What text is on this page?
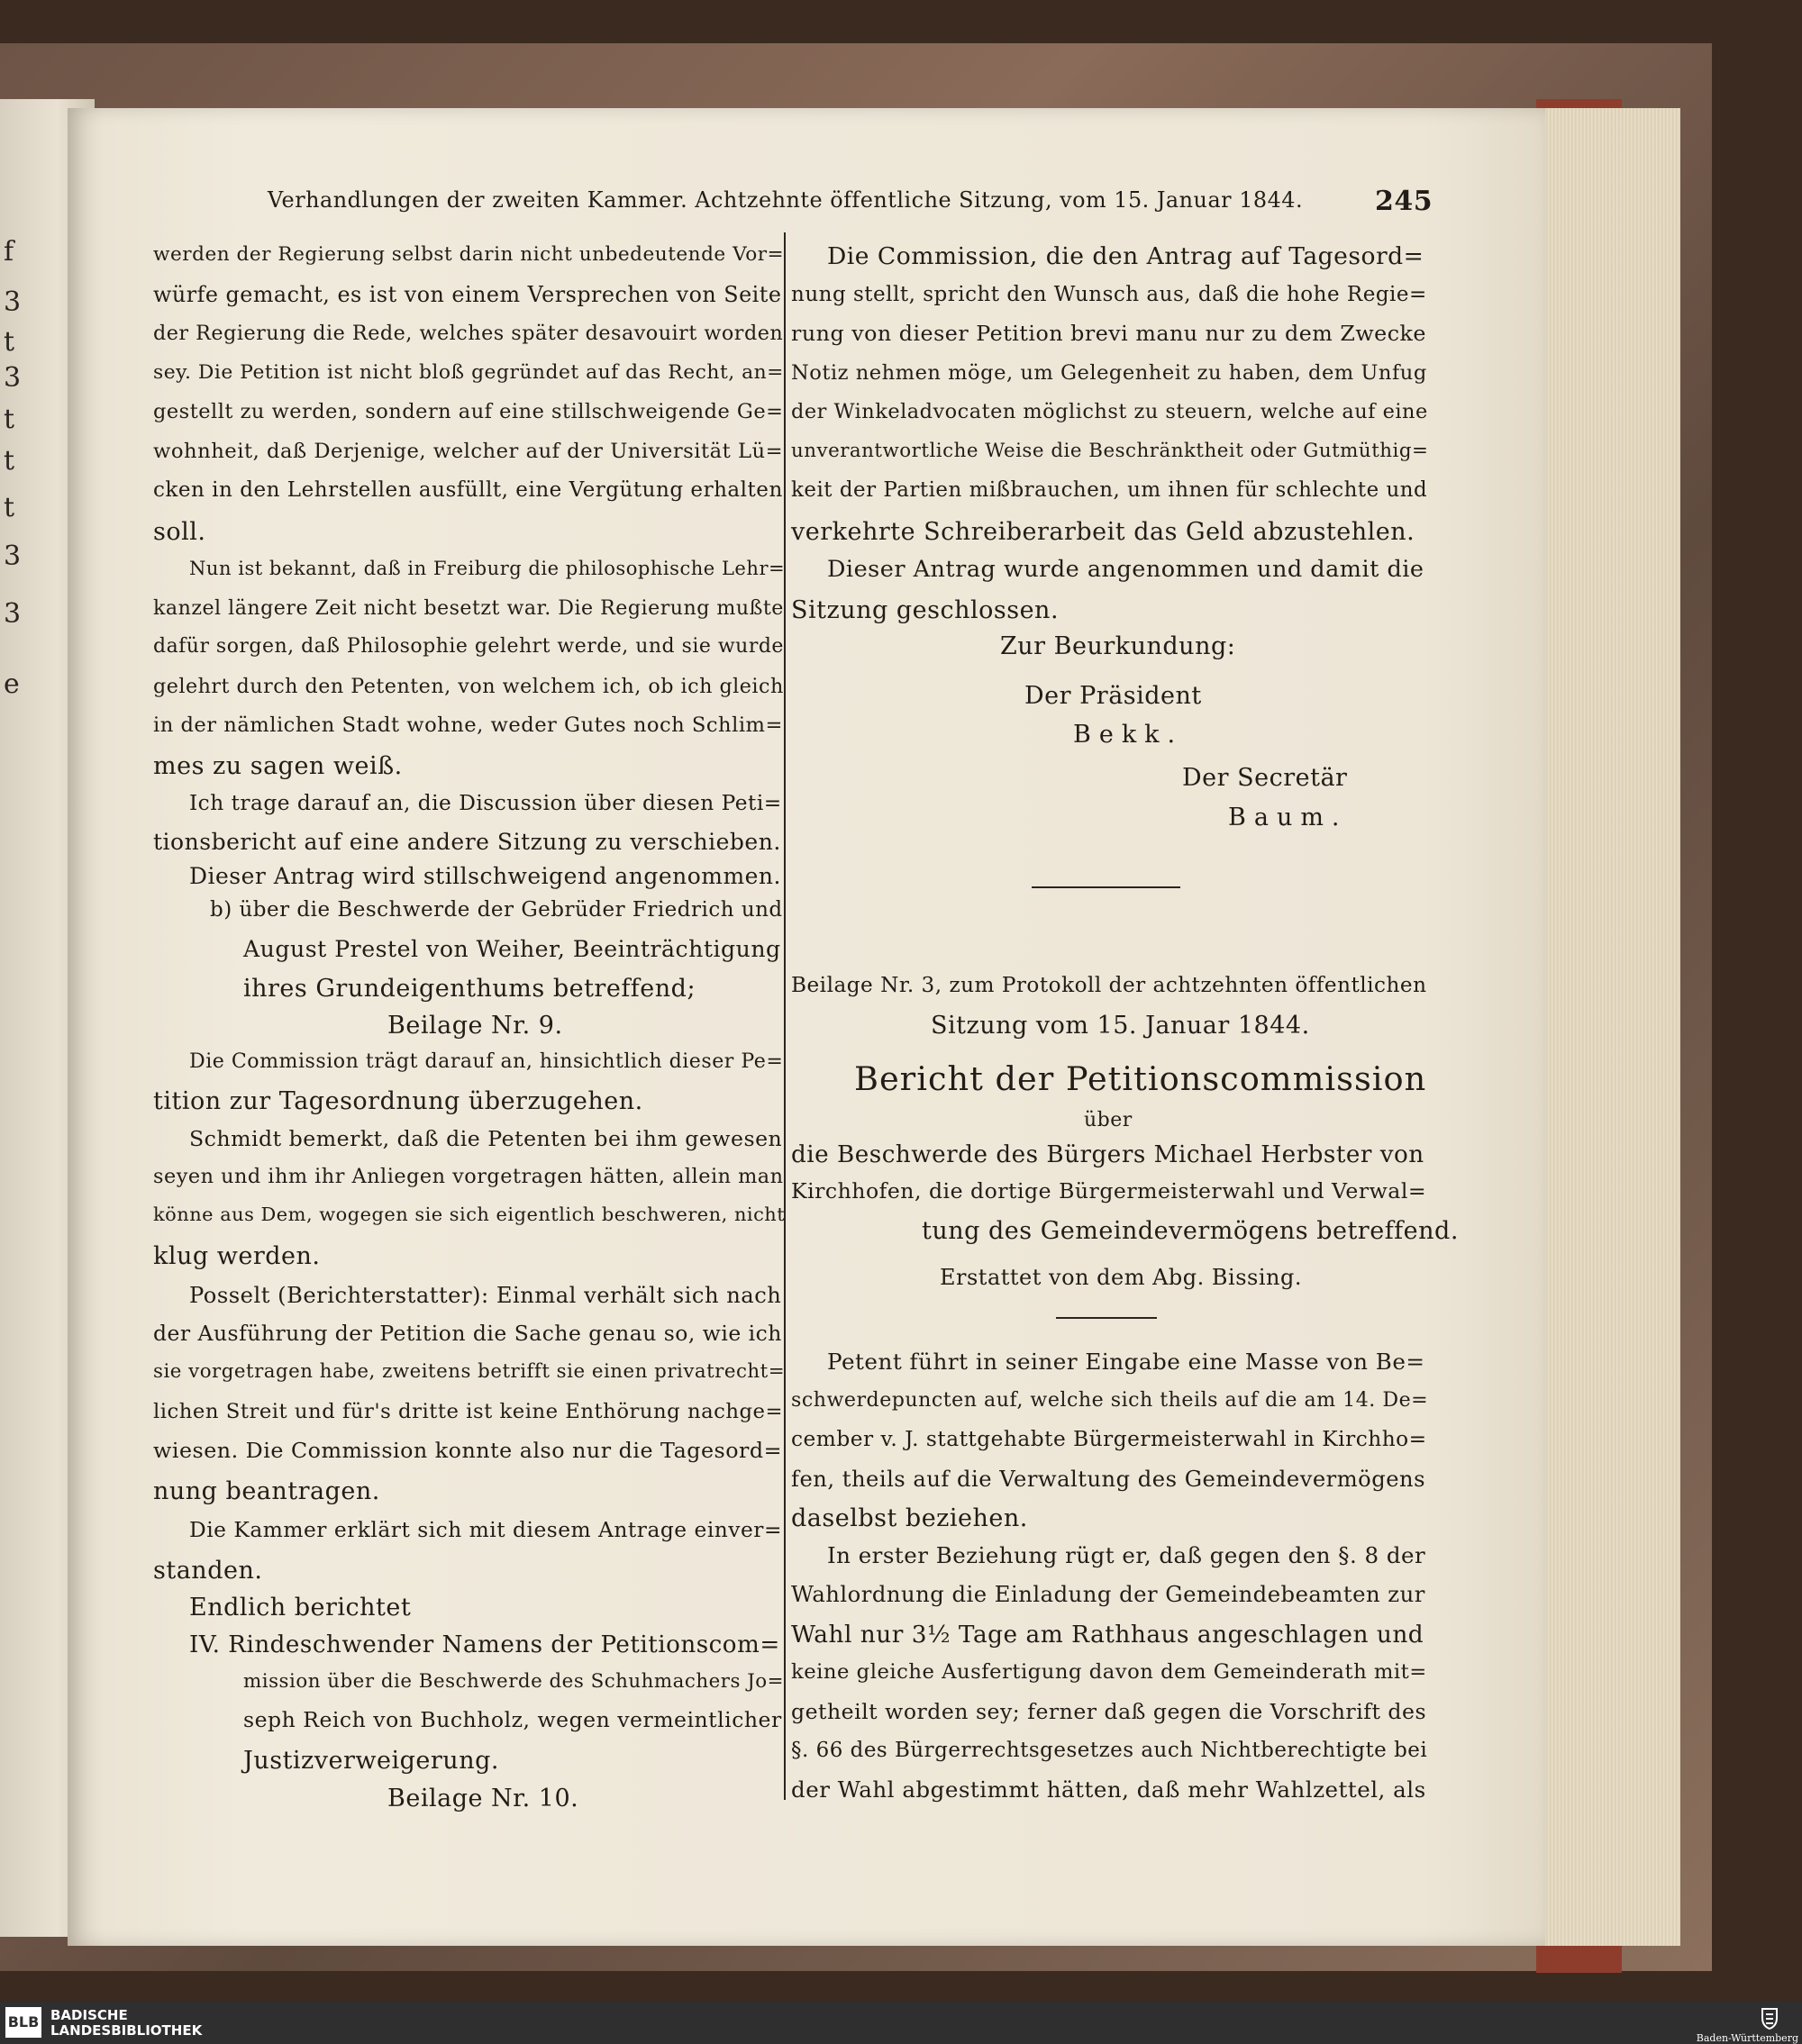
f
3
t
3
t
t
t
3
3
e
Verhandlungen der zweiten Kammer. Achtzehnte öffentliche Sitzung, vom 15. Januar 1844.	245
werden der Regierung selbst darin nicht unbedeutende Vor=
würfe gemacht, es ist von einem Versprechen von Seite
der Regierung die Rede, welches später desavouirt worden
sey. Die Petition ist nicht bloß gegründet auf das Recht, an=
gestellt zu werden, sondern auf eine stillschweigende Ge=
wohnheit, daß Derjenige, welcher auf der Universität Lü=
cken in den Lehrstellen ausfüllt, eine Vergütung erhalten
soll.
Nun ist bekannt, daß in Freiburg die philosophische Lehr=
kanzel längere Zeit nicht besetzt war. Die Regierung mußte
dafür sorgen, daß Philosophie gelehrt werde, und sie wurde
gelehrt durch den Petenten, von welchem ich, ob ich gleich
in der nämlichen Stadt wohne, weder Gutes noch Schlim=
mes zu sagen weiß.
Ich trage darauf an, die Discussion über diesen Peti=
tionsbericht auf eine andere Sitzung zu verschieben.
Dieser Antrag wird stillschweigend angenommen.
b) über die Beschwerde der Gebrüder Friedrich und
August Prestel von Weiher, Beeinträchtigung
ihres Grundeigenthums betreffend;
Beilage Nr. 9.
Die Commission trägt darauf an, hinsichtlich dieser Pe=
tition zur Tagesordnung überzugehen.
Schmidt bemerkt, daß die Petenten bei ihm gewesen
seyen und ihm ihr Anliegen vorgetragen hätten, allein man
könne aus Dem, wogegen sie sich eigentlich beschweren, nicht
klug werden.
Posselt (Berichterstatter): Einmal verhält sich nach
der Ausführung der Petition die Sache genau so, wie ich
sie vorgetragen habe, zweitens betrifft sie einen privatrecht=
lichen Streit und für's dritte ist keine Enthörung nachge=
wiesen. Die Commission konnte also nur die Tagesord=
nung beantragen.
Die Kammer erklärt sich mit diesem Antrage einver=
standen.
Endlich berichtet
IV. Rindeschwender Namens der Petitionscom=
mission über die Beschwerde des Schuhmachers Jo=
seph Reich von Buchholz, wegen vermeintlicher
Justizverweigerung.
Beilage Nr. 10.
Die Commission, die den Antrag auf Tagesord=
nung stellt, spricht den Wunsch aus, daß die hohe Regie=
rung von dieser Petition brevi manu nur zu dem Zwecke
Notiz nehmen möge, um Gelegenheit zu haben, dem Unfug
der Winkeladvocaten möglichst zu steuern, welche auf eine
unverantwortliche Weise die Beschränktheit oder Gutmüthig=
keit der Partien mißbrauchen, um ihnen für schlechte und
verkehrte Schreiberarbeit das Geld abzustehlen.
Dieser Antrag wurde angenommen und damit die
Sitzung geschlossen.
Zur Beurkundung:
Der Präsident
Bekk.
Der Secretär
Baum.
Beilage Nr. 3, zum Protokoll der achtzehnten öffentlichen
Sitzung vom 15. Januar 1844.
Bericht der Petitionscommission
über
die Beschwerde des Bürgers Michael Herbster von
Kirchhofen, die dortige Bürgermeisterwahl und Verwal=
tung des Gemeindevermögens betreffend.
Erstattet von dem Abg. Bissing.
Petent führt in seiner Eingabe eine Masse von Be=
schwerdepuncten auf, welche sich theils auf die am 14. De=
cember v. J. stattgehabte Bürgermeisterwahl in Kirchho=
fen, theils auf die Verwaltung des Gemeindevermögens
daselbst beziehen.
In erster Beziehung rügt er, daß gegen den §. 8 der
Wahlordnung die Einladung der Gemeindebeamten zur
Wahl nur 3½ Tage am Rathhaus angeschlagen und
keine gleiche Ausfertigung davon dem Gemeinderath mit=
getheilt worden sey; ferner daß gegen die Vorschrift des
§. 66 des Bürgerrechtsgesetzes auch Nichtberechtigte bei
der Wahl abgestimmt hätten, daß mehr Wahlzettel, als
BLB BADISCHE
LANDESBIBLIOTHEK	Baden-Württemberg
